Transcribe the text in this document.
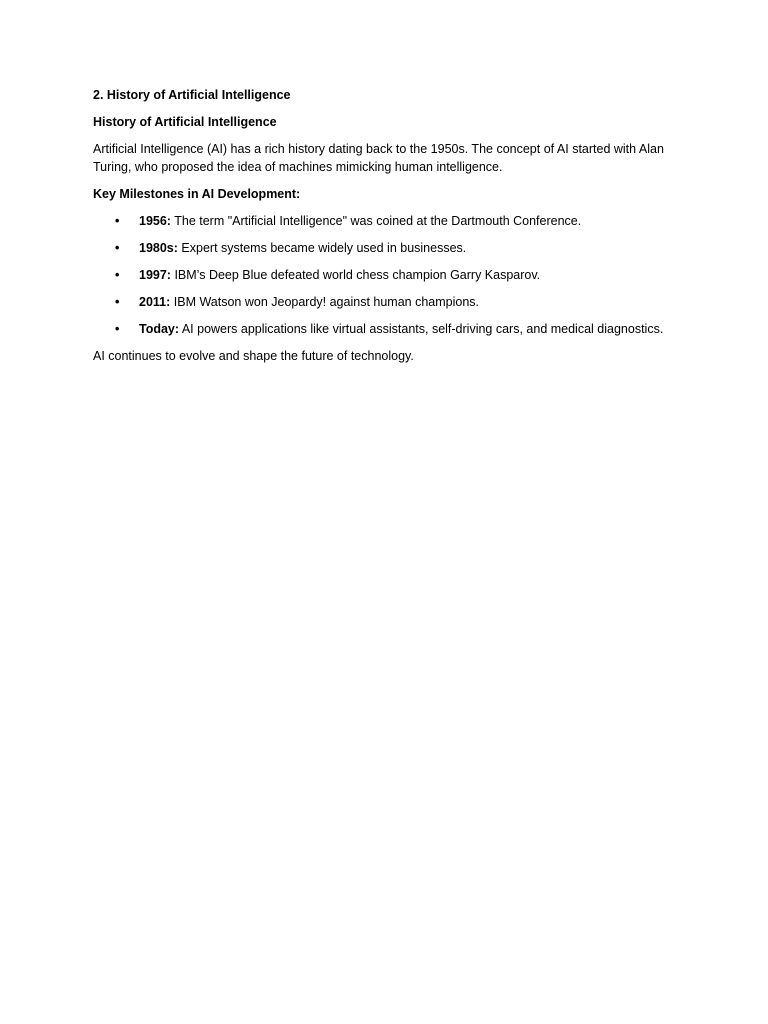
2. History of Artificial Intelligence
History of Artificial Intelligence
Artificial Intelligence (AI) has a rich history dating back to the 1950s. The concept of AI started with Alan Turing, who proposed the idea of machines mimicking human intelligence.
Key Milestones in AI Development:
• 1956: The term "Artificial Intelligence" was coined at the Dartmouth Conference.
• 1980s: Expert systems became widely used in businesses.
• 1997: IBM’s Deep Blue defeated world chess champion Garry Kasparov.
• 2011: IBM Watson won Jeopardy! against human champions.
• Today: AI powers applications like virtual assistants, self-driving cars, and medical diagnostics.
AI continues to evolve and shape the future of technology.
